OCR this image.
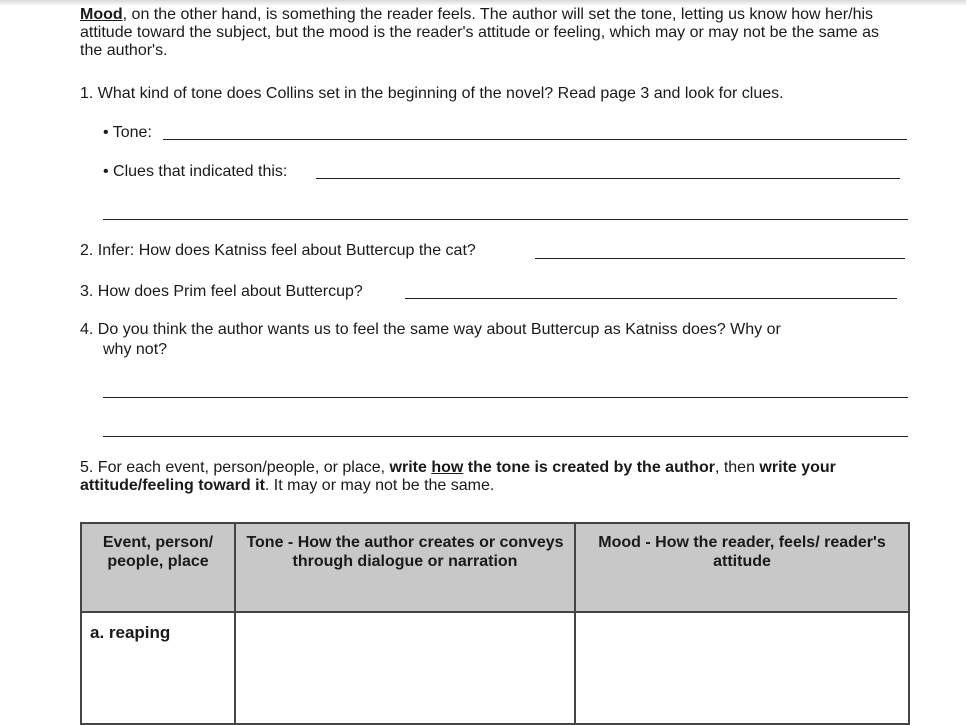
Mood, on the other hand, is something the reader feels. The author will set the tone, letting us know how her/his attitude toward the subject, but the mood is the reader's attitude or feeling, which may or may not be the same as the author's.
1. What kind of tone does Collins set in the beginning of the novel? Read page 3 and look for clues.
• Tone:
• Clues that indicated this:
2. Infer: How does Katniss feel about Buttercup the cat?
3. How does Prim feel about Buttercup?
4. Do you think the author wants us to feel the same way about Buttercup as Katniss does? Why or
why not?
5. For each event, person/people, or place, write how the tone is created by the author, then write your attitude/feeling toward it. It may or may not be the same.
Event, person/ people, place	Tone - How the author creates or conveys through dialogue or narration	Mood - How the reader, feels/ reader's attitude
a. reaping		
